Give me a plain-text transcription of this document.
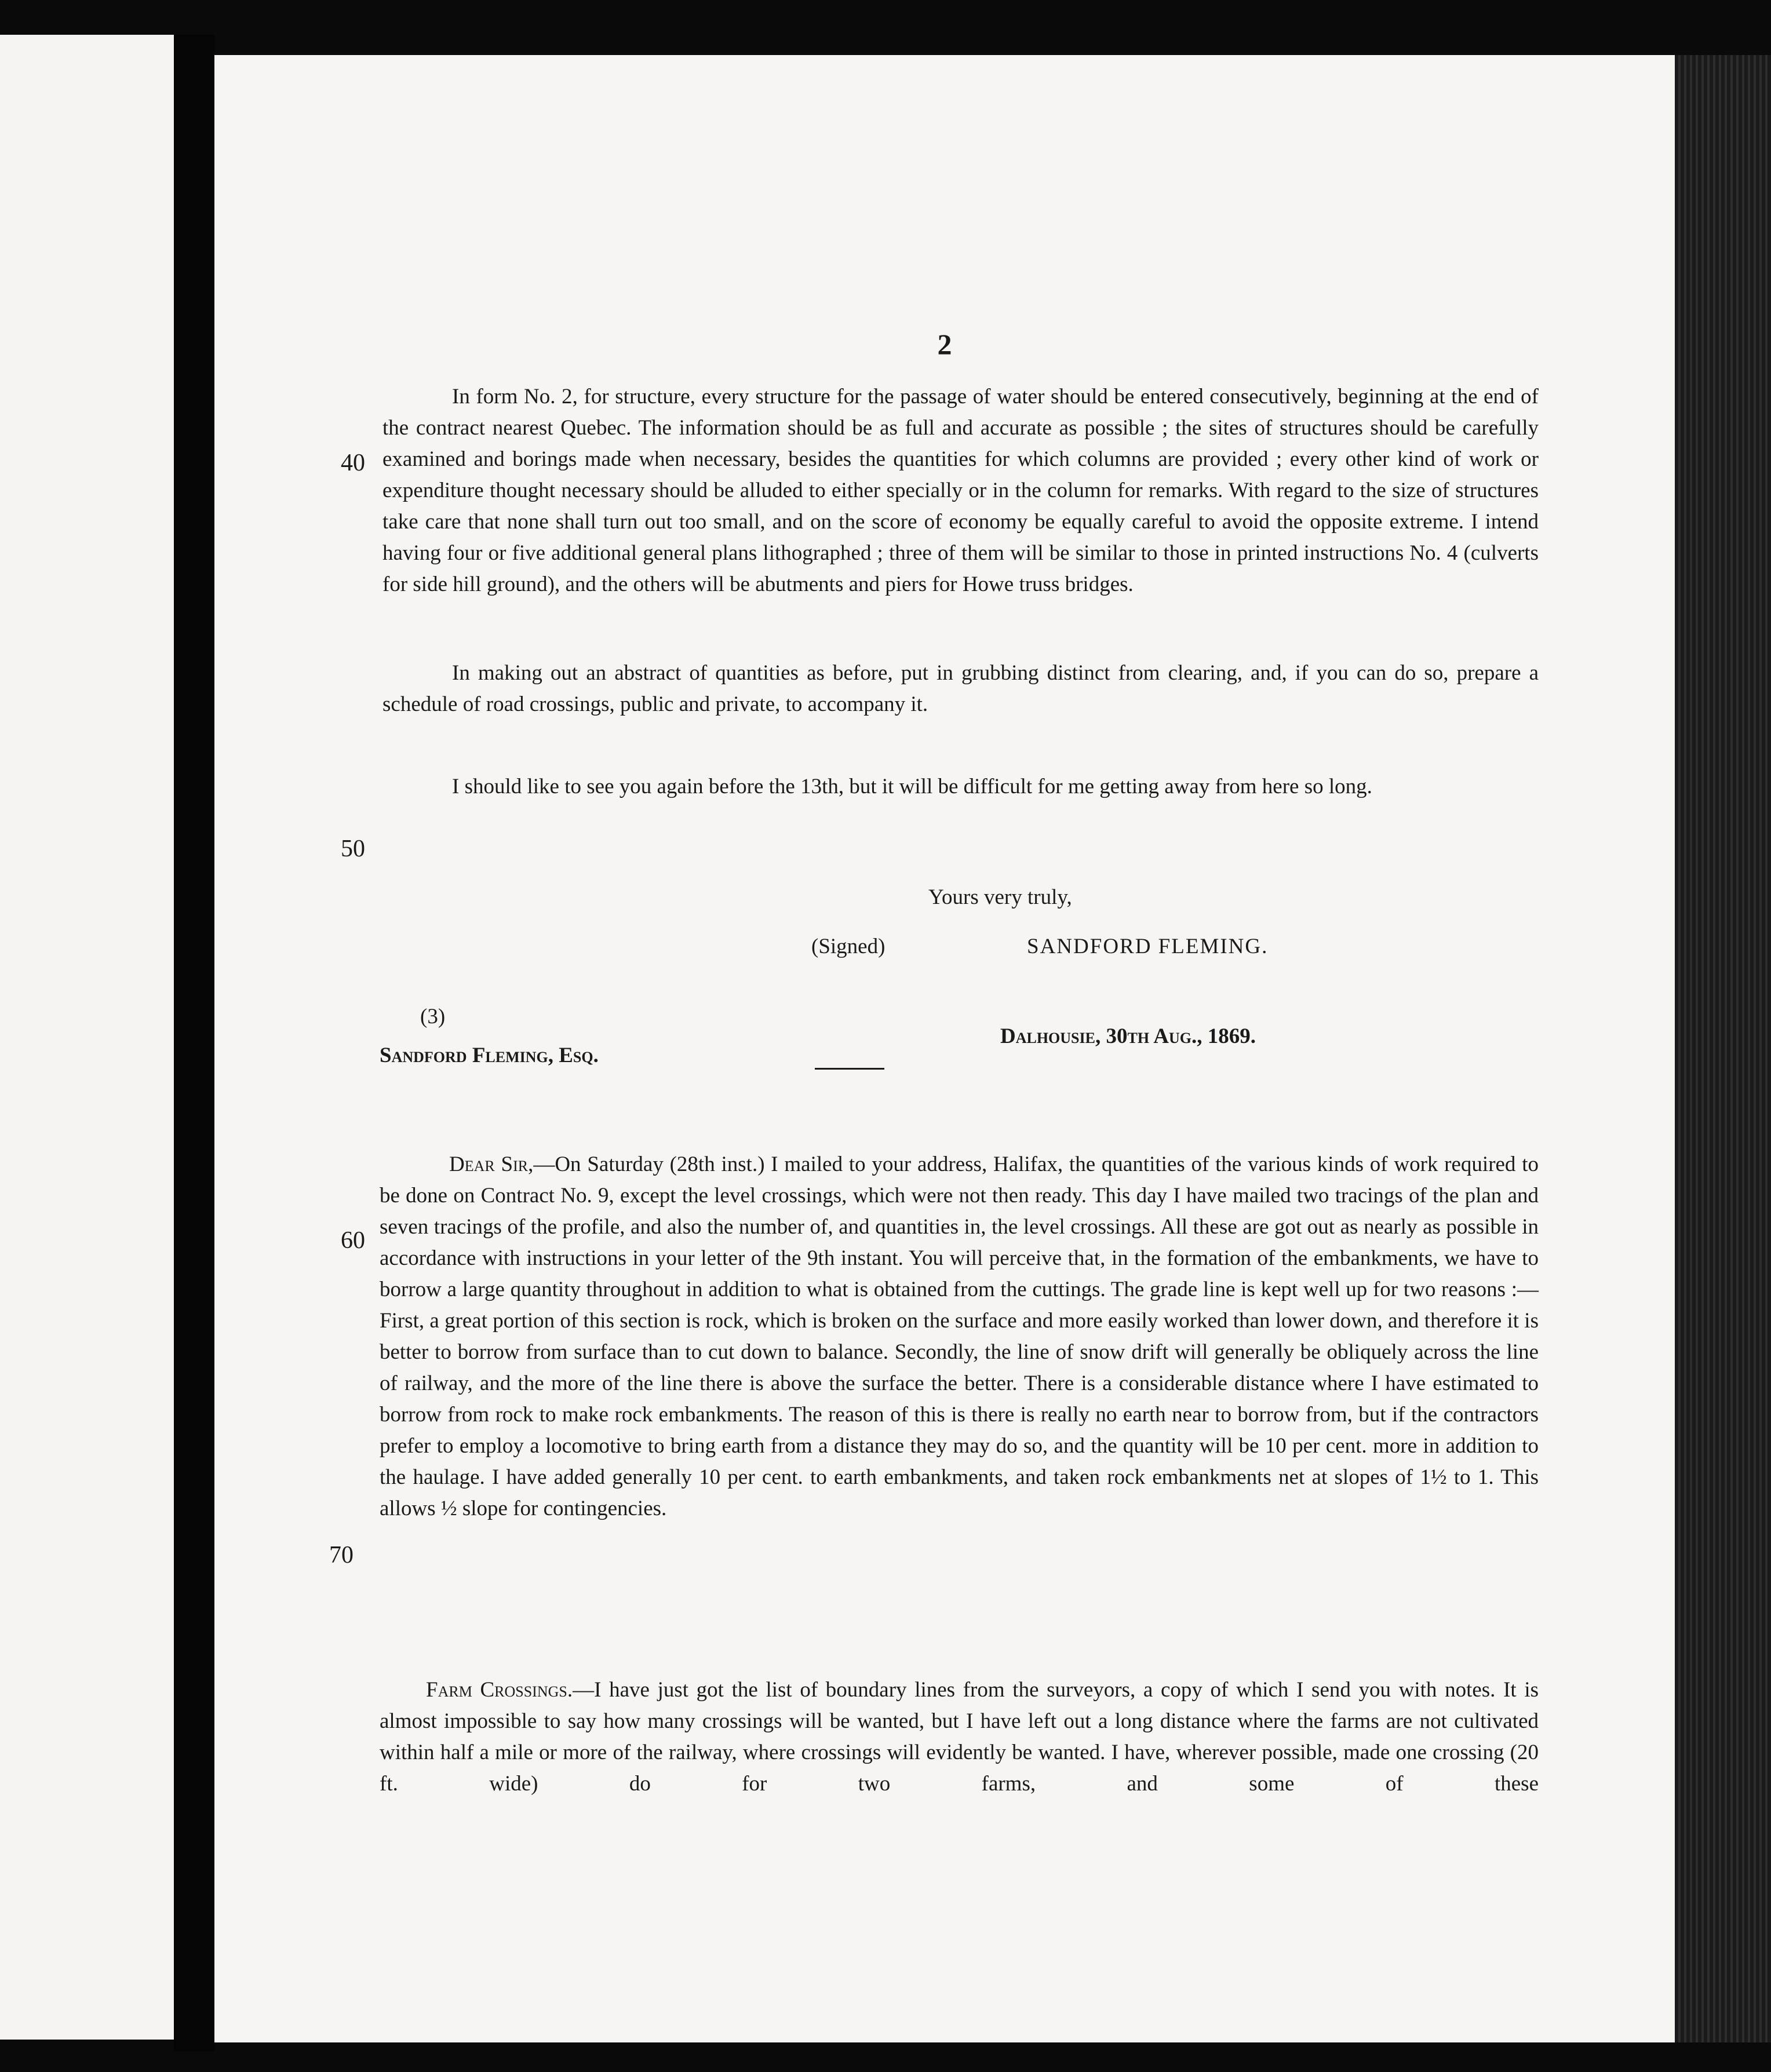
2
40
50
60
70
In form No. 2, for structure, every structure for the passage of water should be entered consecutively, beginning at the end of the contract nearest Quebec. The information should be as full and accurate as possible ; the sites of structures should be carefully examined and borings made when necessary, besides the quantities for which columns are provided ; every other kind of work or expenditure thought necessary should be alluded to either specially or in the column for remarks. With regard to the size of structures take care that none shall turn out too small, and on the score of economy be equally careful to avoid the opposite extreme. I intend having four or five additional general plans lithographed ; three of them will be similar to those in printed instructions No. 4 (culverts for side hill ground), and the others will be abutments and piers for Howe truss bridges.
In making out an abstract of quantities as before, put in grubbing distinct from clearing, and, if you can do so, prepare a schedule of road crossings, public and private, to accompany it.
I should like to see you again before the 13th, but it will be difficult for me getting away from here so long.
Yours very truly,
(Signed)	SANDFORD FLEMING.
(3)
Dalhousie, 30th Aug., 1869.
Sandford Fleming, Esq.
Dear Sir,—On Saturday (28th inst.) I mailed to your address, Halifax, the quantities of the various kinds of work required to be done on Contract No. 9, except the level crossings, which were not then ready. This day I have mailed two tracings of the plan and seven tracings of the profile, and also the number of, and quantities in, the level crossings. All these are got out as nearly as possible in accordance with instructions in your letter of the 9th instant. You will perceive that, in the formation of the embankments, we have to borrow a large quantity throughout in addition to what is obtained from the cuttings. The grade line is kept well up for two reasons :—First, a great portion of this section is rock, which is broken on the surface and more easily worked than lower down, and therefore it is better to borrow from surface than to cut down to balance. Secondly, the line of snow drift will generally be obliquely across the line of railway, and the more of the line there is above the surface the better. There is a considerable distance where I have estimated to borrow from rock to make rock embankments. The reason of this is there is really no earth near to borrow from, but if the contractors prefer to employ a locomotive to bring earth from a distance they may do so, and the quantity will be 10 per cent. more in addition to the haulage. I have added generally 10 per cent. to earth embankments, and taken rock embankments net at slopes of 1½ to 1. This allows ½ slope for contingencies.
Farm Crossings.—I have just got the list of boundary lines from the surveyors, a copy of which I send you with notes. It is almost impossible to say how many crossings will be wanted, but I have left out a long distance where the farms are not cultivated within half a mile or more of the railway, where crossings will evidently be wanted. I have, wherever possible, made one crossing (20 ft. wide) do for two farms, and some of these
